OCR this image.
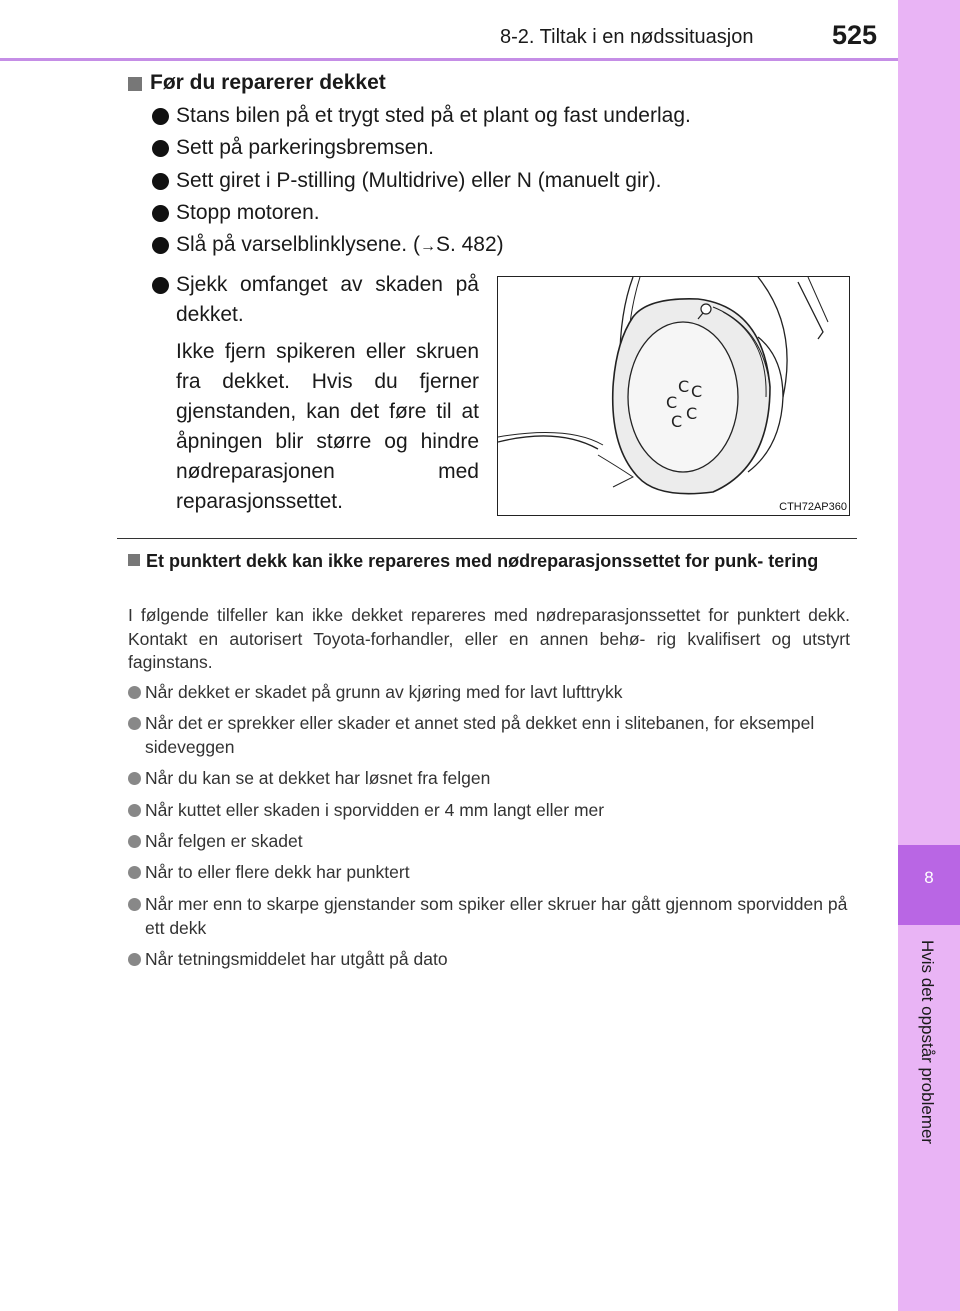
8-2. Tiltak i en nødssituasjon	525
8
Hvis det oppstår problemer
Før du reparerer dekket
Stans bilen på et trygt sted på et plant og fast underlag.
Sett på parkeringsbremsen.
Sett giret i P-stilling (Multidrive) eller N (manuelt gir).
Stopp motoren.
Slå på varselblinklysene. (→S. 482)
Sjekk omfanget av skaden på dekket.
Ikke fjern spikeren eller skruen fra dekket. Hvis du fjerner gjenstanden, kan det føre til at åpningen blir større og hindre nødreparasjonen med reparasjonssettet.
C C
C
C
C
CTH72AP360
Et punktert dekk kan ikke repareres med nødreparasjonssettet for punk- tering
I følgende tilfeller kan ikke dekket repareres med nødreparasjonssettet for punktert dekk. Kontakt en autorisert Toyota-forhandler, eller en annen behø- rig kvalifisert og utstyrt faginstans.
Når dekket er skadet på grunn av kjøring med for lavt lufttrykk
Når det er sprekker eller skader et annet sted på dekket enn i slitebanen, for eksempel sideveggen
Når du kan se at dekket har løsnet fra felgen
Når kuttet eller skaden i sporvidden er 4 mm langt eller mer
Når felgen er skadet
Når to eller flere dekk har punktert
Når mer enn to skarpe gjenstander som spiker eller skruer har gått gjennom sporvidden på ett dekk
Når tetningsmiddelet har utgått på dato
